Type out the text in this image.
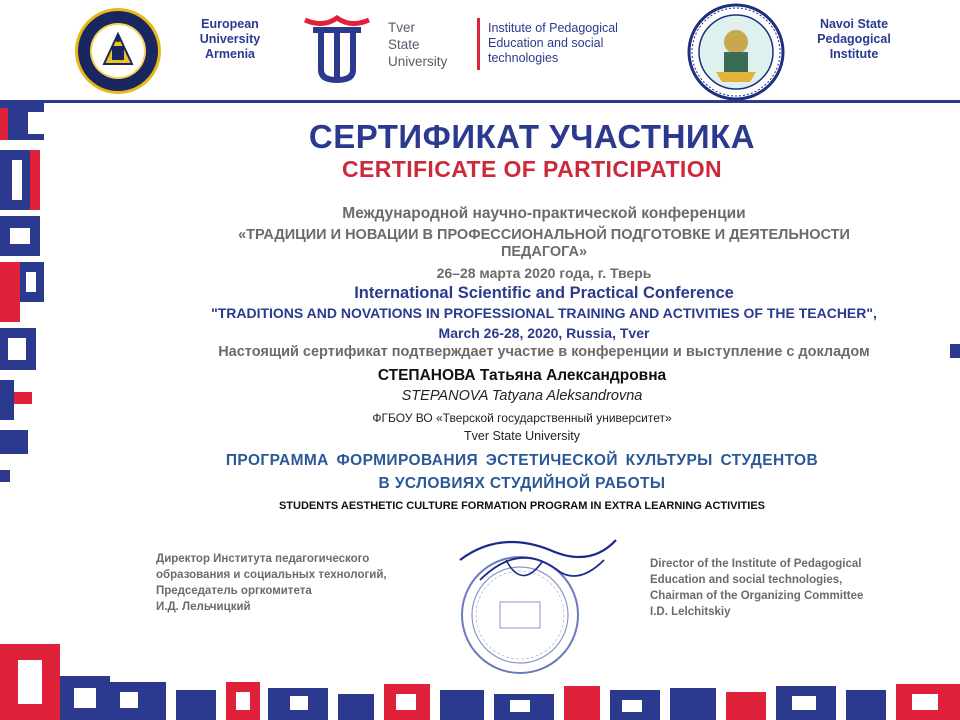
European
University
Armenia
Tver
State
University
Institute of Pedagogical
Education and social
technologies
Navoi State
Pedagogical
Institute
СЕРТИФИКАТ УЧАСТНИКА
CERTIFICATE OF PARTICIPATION
Международной научно-практической конференции
«ТРАДИЦИИ И НОВАЦИИ В ПРОФЕССИОНАЛЬНОЙ ПОДГОТОВКЕ И ДЕЯТЕЛЬНОСТИ
ПЕДАГОГА»
26–28 марта 2020 года, г. Тверь
International Scientific and Practical Conference
"TRADITIONS AND NOVATIONS IN PROFESSIONAL TRAINING AND ACTIVITIES OF THE TEACHER",
March 26-28, 2020, Russia, Tver
Настоящий сертификат подтверждает участие в конференции и выступление с докладом
СТЕПАНОВА Татьяна Александровна
STEPANOVA Tatyana Aleksandrovna
ФГБОУ ВО «Тверской государственный университет»
Tver State University
ПРОГРАММА ФОРМИРОВАНИЯ ЭСТЕТИЧЕСКОЙ КУЛЬТУРЫ СТУДЕНТОВ
В УСЛОВИЯХ СТУДИЙНОЙ РАБОТЫ
STUDENTS AESTHETIC CULTURE FORMATION PROGRAM IN EXTRA LEARNING ACTIVITIES
Директор Института педагогического
образования и социальных технологий,
Председатель оргкомитета
И.Д. Лельчицкий
Director of the Institute of Pedagogical
Education and social technologies,
Chairman of the Organizing Committee
I.D. Lelchitskiy
